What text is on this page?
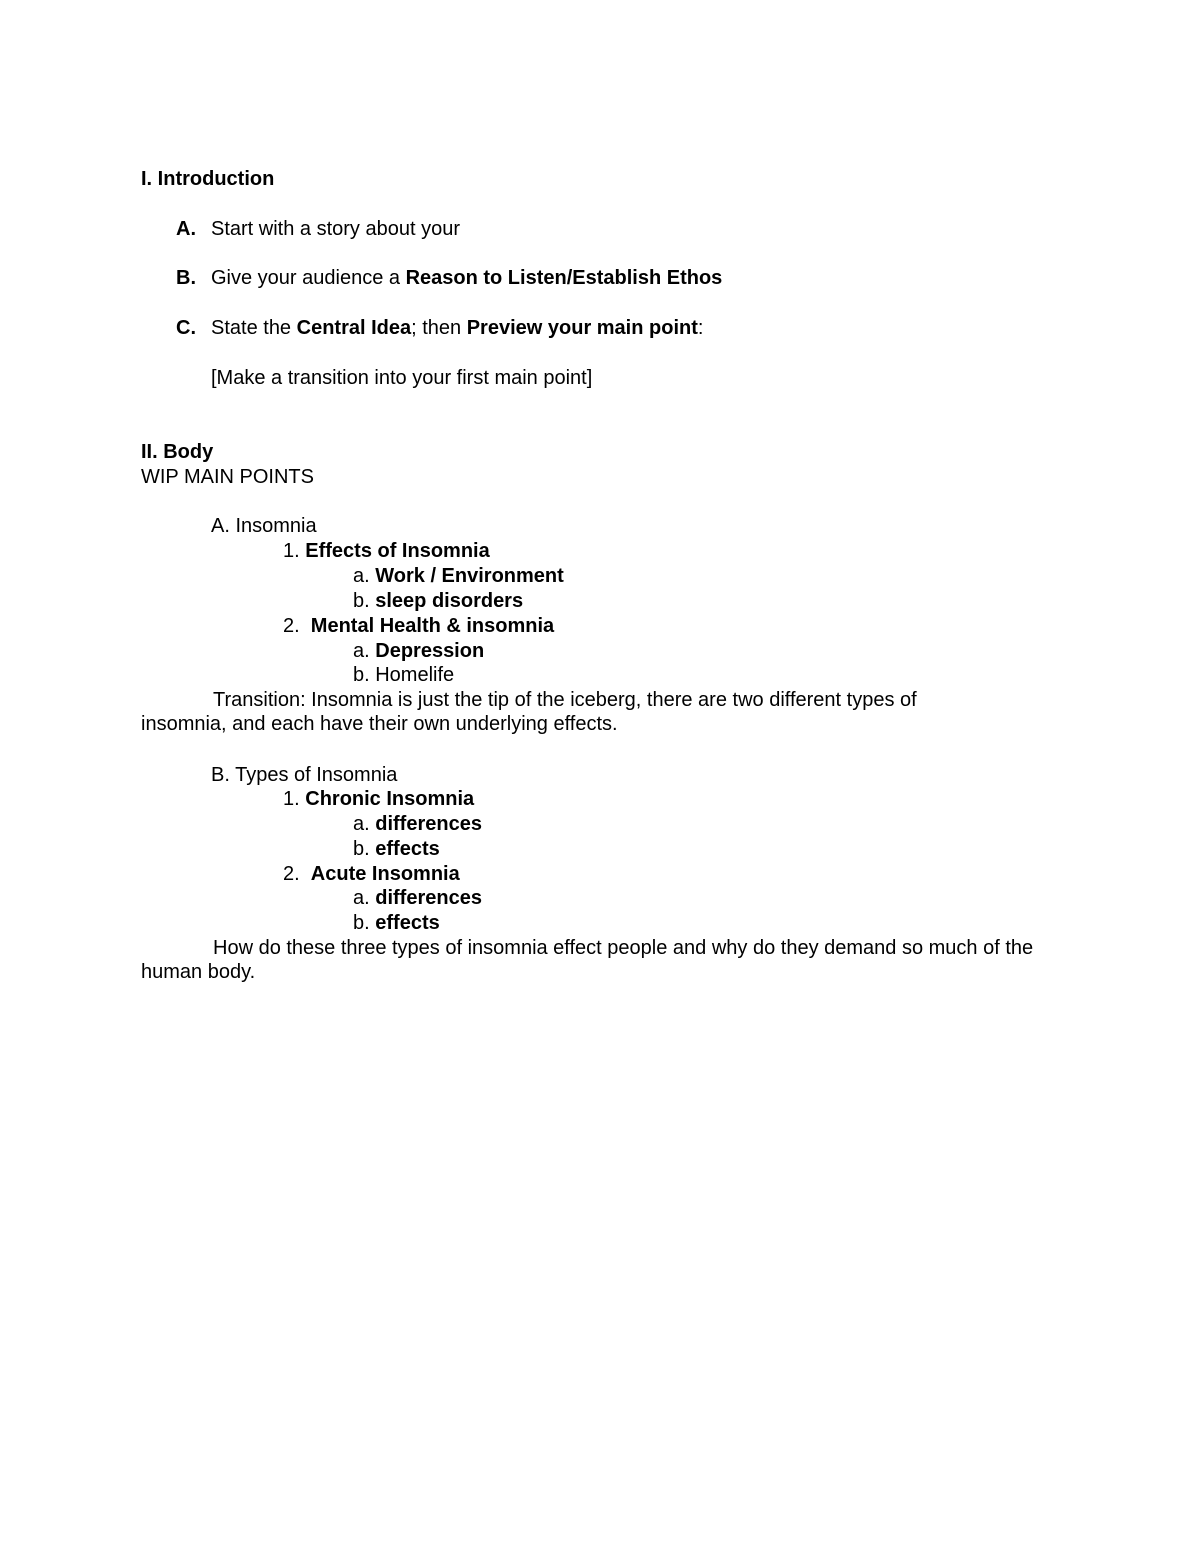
I. Introduction
A. Start with a story about your
B. Give your audience a Reason to Listen/Establish Ethos
C. State the Central Idea; then Preview your main point:
[Make a transition into your first main point]
II. Body
WIP MAIN POINTS
A. Insomnia
1. Effects of Insomnia
a. Work / Environment
b. sleep disorders
2.  Mental Health & insomnia
a. Depression
b. Homelife
Transition: Insomnia is just the tip of the iceberg, there are two different types of insomnia, and each have their own underlying effects.
B. Types of Insomnia
1. Chronic Insomnia
a. differences
b. effects
2.  Acute Insomnia
a. differences
b. effects
How do these three types of insomnia effect people and why do they demand so much of the human body.
